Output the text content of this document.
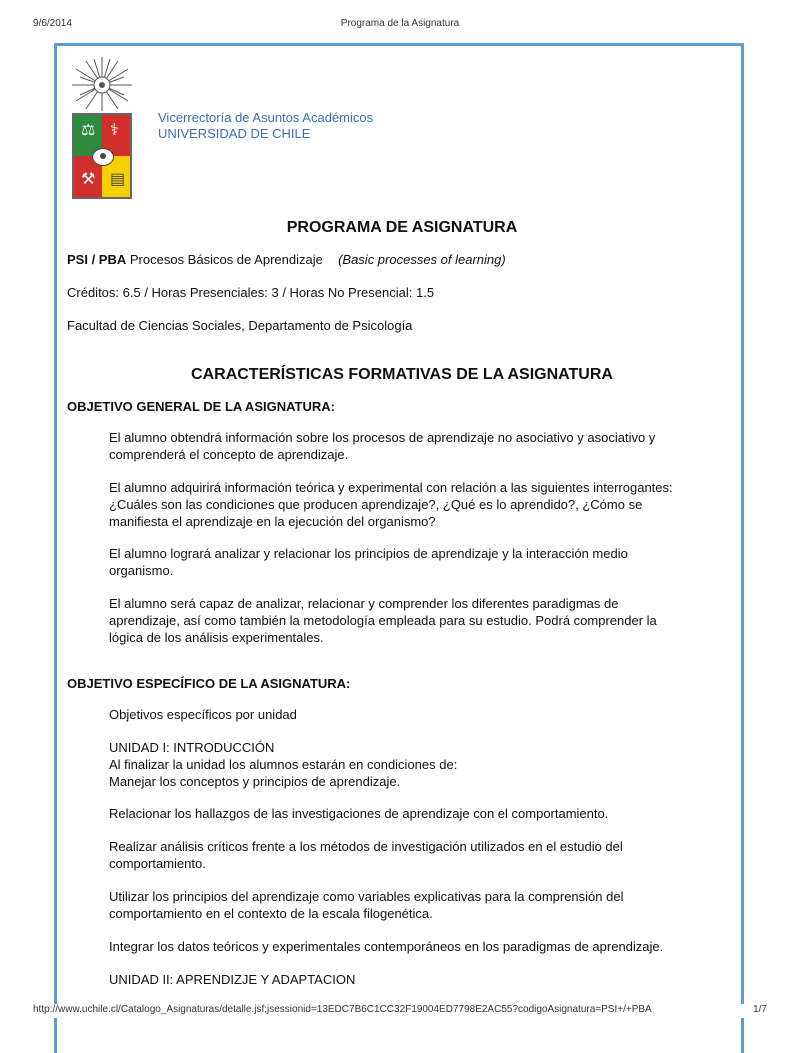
9/6/2014	Programa de la Asignatura
⚖ ⚕
⚒ ▤
Vicerrectoría de Asuntos Académicos
UNIVERSIDAD DE CHILE
PROGRAMA DE ASIGNATURA
PSI / PBA Procesos Básicos de Aprendizaje (Basic processes of learning)
Créditos: 6.5 / Horas Presenciales: 3 / Horas No Presencial: 1.5
Facultad de Ciencias Sociales, Departamento de Psicología
CARACTERÍSTICAS FORMATIVAS DE LA ASIGNATURA
OBJETIVO GENERAL DE LA ASIGNATURA:
El alumno obtendrá información sobre los procesos de aprendizaje no asociativo y asociativo y
comprenderá el concepto de aprendizaje.
El alumno adquirirá información teórica y experimental con relación a las siguientes interrogantes:
¿Cuáles son las condiciones que producen aprendizaje?, ¿Qué es lo aprendido?, ¿Cómo se
manifiesta el aprendizaje en la ejecución del organismo?
El alumno logrará analizar y relacionar los principios de aprendizaje y la interacción medio
organismo.
El alumno será capaz de analizar, relacionar y comprender los diferentes paradigmas de
aprendizaje, así como también la metodología empleada para su estudio. Podrá comprender la
lógica de los análisis experimentales.
OBJETIVO ESPECÍFICO DE LA ASIGNATURA:
Objetivos específicos por unidad
UNIDAD I: INTRODUCCIÓN
Al finalizar la unidad los alumnos estarán en condiciones de:
Manejar los conceptos y principios de aprendizaje.
Relacionar los hallazgos de las investigaciones de aprendizaje con el comportamiento.
Realizar análisis críticos frente a los métodos de investigación utilizados en el estudio del
comportamiento.
Utilizar los principios del aprendizaje como variables explicativas para la comprensión del
comportamiento en el contexto de la escala filogenética.
Integrar los datos teóricos y experimentales contemporáneos en los paradigmas de aprendizaje.
UNIDAD II: APRENDIZJE Y ADAPTACION
http://www.uchile.cl/Catalogo_Asignaturas/detalle.jsf;jsessionid=13EDC7B6C1CC32F19004ED7798E2AC55?codigoAsignatura=PSI+/+PBA	1/7
